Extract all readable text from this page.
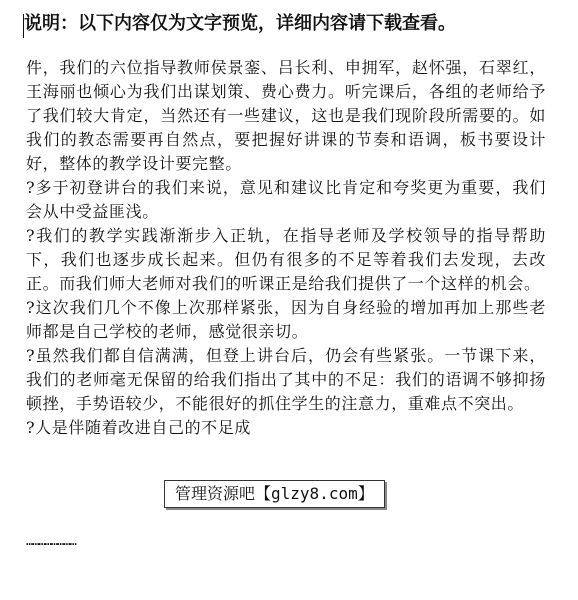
说明：以下内容仅为文字预览，详细内容请下载查看。

件，我们的六位指导教师侯景銮、吕长利、申拥军，赵怀强，石翠红，王海丽也倾心为我们出谋划策、费心费力。听完课后，各组的老师给予了我们较大肯定，当然还有一些建议，这也是我们现阶段所需要的。如我们的教态需要再自然点，要把握好讲课的节奏和语调，板书要设计好，整体的教学设计要完整。

?多于初登讲台的我们来说，意见和建议比肯定和夸奖更为重要，我们会从中受益匪浅。

?我们的教学实践渐渐步入正轨，在指导老师及学校领导的指导帮助下，我们也逐步成长起来。但仍有很多的不足等着我们去发现，去改正。而我们师大老师对我们的听课正是给我们提供了一个这样的机会。

?这次我们几个不像上次那样紧张，因为自身经验的增加再加上那些老师都是自己学校的老师，感觉很亲切。

?虽然我们都自信满满，但登上讲台后，仍会有些紧张。一节课下来，我们的老师毫无保留的给我们指出了其中的不足：我们的语调不够抑扬顿挫，手势语较少，不能很好的抓住学生的注意力，重难点不突出。

?人是伴随着改进自己的不足成

……………………
管理资源吧【glzy8.com】
